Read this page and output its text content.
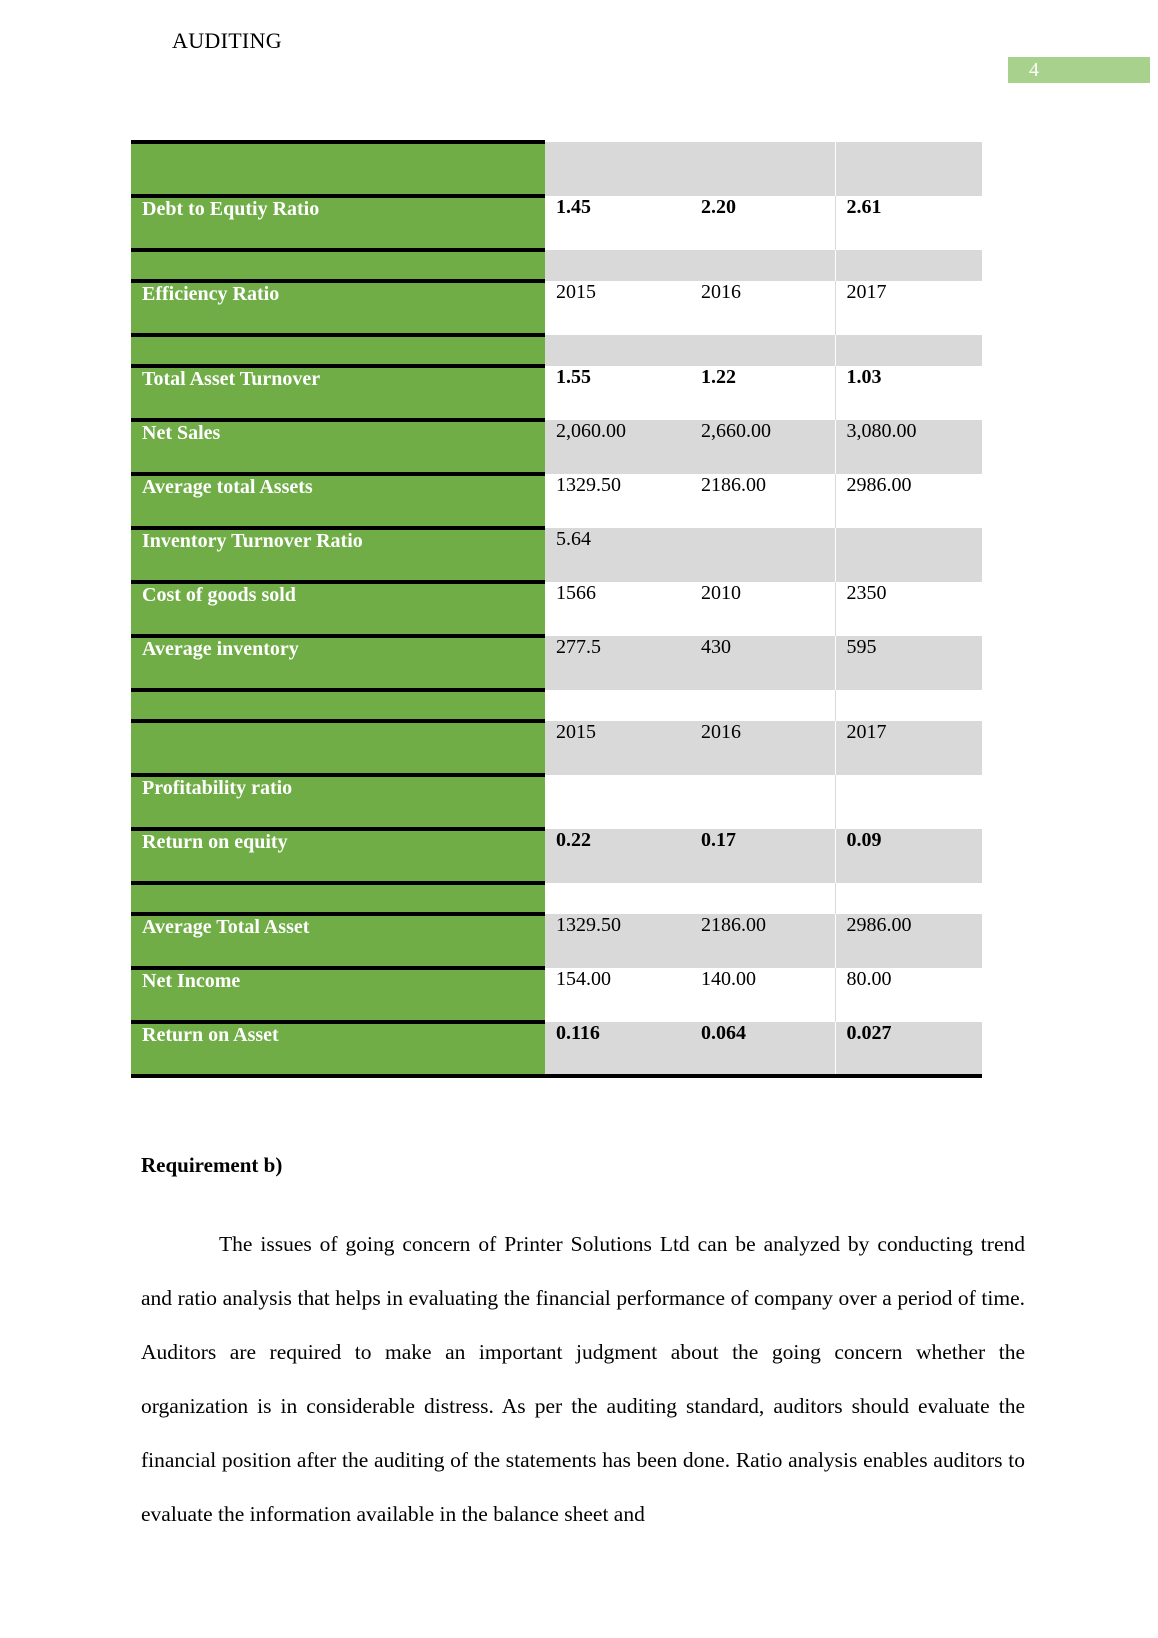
AUDITING
4

Debt to Equtiy Ratio	1.45	2.20	2.61

Efficiency Ratio	2015	2016	2017

Total Asset Turnover	1.55	1.22	1.03
Net Sales	2,060.00	2,660.00	3,080.00
Average total Assets	1329.50	2186.00	2986.00
Inventory Turnover Ratio	5.64		
Cost of goods sold	1566	2010	2350
Average inventory	277.5	430	595

	2015	2016	2017
Profitability ratio			
Return on equity	0.22	0.17	0.09

Average Total Asset	1329.50	2186.00	2986.00
Net Income	154.00	140.00	80.00
Return on Asset	0.116	0.064	0.027
Requirement b)

The issues of going concern of Printer Solutions Ltd can be analyzed by conducting trend and ratio analysis that helps in evaluating the financial performance of company over a period of time. Auditors are required to make an important judgment about the going concern whether the organization is in considerable distress. As per the auditing standard, auditors should evaluate the financial position after the auditing of the statements has been done. Ratio analysis enables auditors to evaluate the information available in the balance sheet and
